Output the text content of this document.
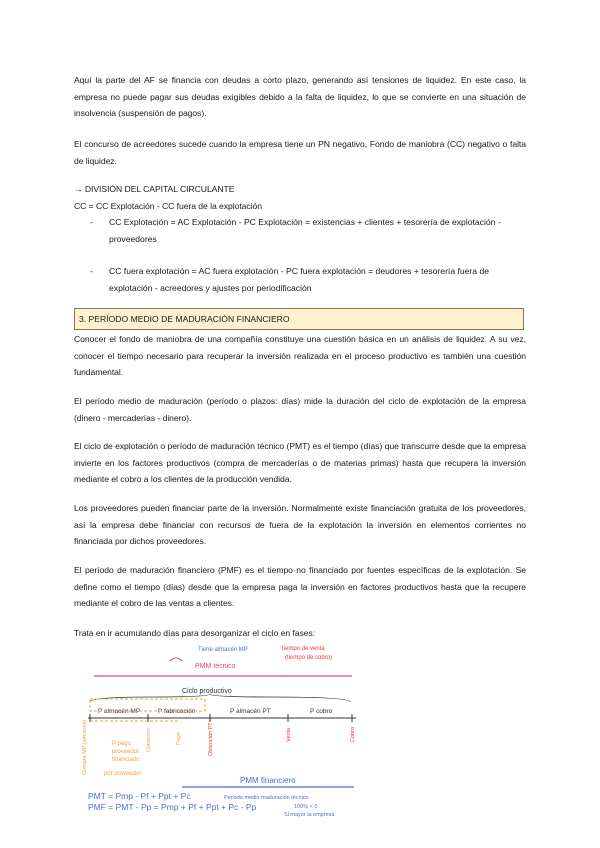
Aquí la parte del AF se financia con deudas a corto plazo, generando así tensiones de liquidez. En este caso, la empresa no puede pagar sus deudas exigibles debido a la falta de liquidez, lo que se convierte en una situación de insolvencia (suspensión de pagos).

El concurso de acreedores sucede cuando la empresa tiene un PN negativo, Fondo de maniobra (CC) negativo o falta de liquidez.

→ DIVISIÓN DEL CAPITAL CIRCULANTE
CC = CC Explotación - CC fuera de la explotación
- CC Explotación = AC Explotación - PC Explotación = existencias + clientes + tesorería de explotación - proveedores
- CC fuera explotación = AC fuera explotación - PC fuera explotación = deudores + tesorería fuera de explotación - acreedores y ajustes por periodificación
3. PERÍODO MEDIO DE MADURACIÓN FINANCIERO

Conocer el fondo de maniobra de una compañía constituye una cuestión básica en un análisis de liquidez. A su vez, conocer el tiempo necesario para recuperar la inversión realizada en el proceso productivo es también una cuestión fundamental.

El período medio de maduración (período o plazos: días) mide la duración del ciclo de explotación de la empresa (dinero - mercaderías - dinero).

El ciclo de explotación o período de maduración técnico (PMT) es el tiempo (días) que transcurre desde que la empresa invierte en los factores productivos (compra de mercaderías o de materias primas) hasta que recupera la inversión mediante el cobro a los clientes de la producción vendida.

Los proveedores pueden financiar parte de la inversión. Normalmente existe financiación gratuita de los proveedores, así la empresa debe financiar con recursos de fuera de la explotación la inversión en elementos corrientes no financiada por dichos proveedores.

El período de maduración financiero (PMF) es el tiempo no financiado por fuentes específicas de la explotación. Se define como el tiempo (días) desde que la empresa paga la inversión en factores productivos hasta que la recupere mediante el cobro de las ventas a clientes.

Trata en ir acumulando días para desorganizar el ciclo en fases:

Tiene almacén MP	tiempo de venta
(tiempo de cobro)
PMM técnico
Ciclo productivo
P almacén MP	P fabricación	P almacén PT	P cobro
Compra MP (almacén)	Consumo	Pago	Obtención PT	Venta	Cobro
P pago
proveedor
financiado
por proveedor
PMM financiero
PMT = Pmp - Pf + Ppt + Pc
PMF = PMT - Pp = Pmp + Pf + Ppt + Pc - Pp
Periodo medio maduración técnico
100% < 0
Si mayor la empresa
